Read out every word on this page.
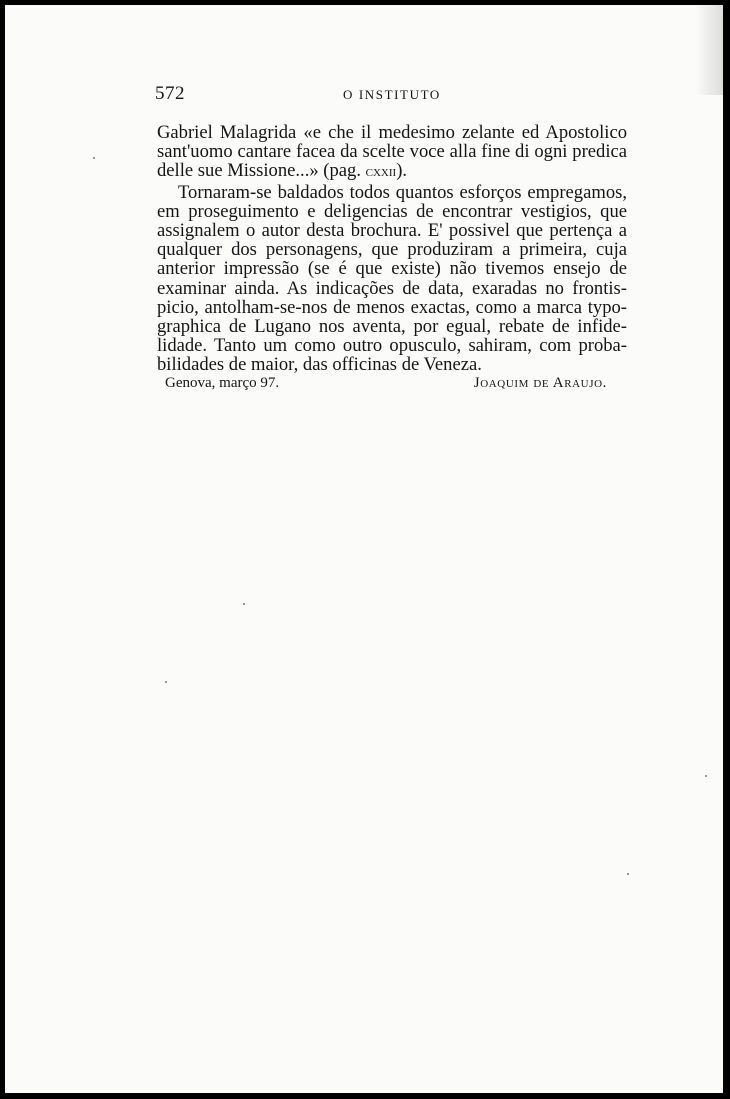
572	O INSTITUTO

Gabriel Malagrida «e che il medesimo zelante ed Apostolico sant'uomo cantare facea da scelte voce alla fine di ogni predica delle sue Missione...» (pag. cxxii).

Tornaram-se baldados todos quantos esforços empregamos, em proseguimento e deligencias de encontrar vestigios, que assignalem o autor desta brochura. E' possivel que pertença a qualquer dos personagens, que produziram a primeira, cuja anterior impressão (se é que existe) não tivemos ensejo de examinar ainda. As indicações de data, exaradas no frontis-picio, antolham-se-nos de menos exactas, como a marca typo-graphica de Lugano nos aventa, por egual, rebate de infide-lidade. Tanto um como outro opusculo, sahiram, com proba-bilidades de maior, das officinas de Veneza.

Genova, março 97.	Joaquim de Araujo.
